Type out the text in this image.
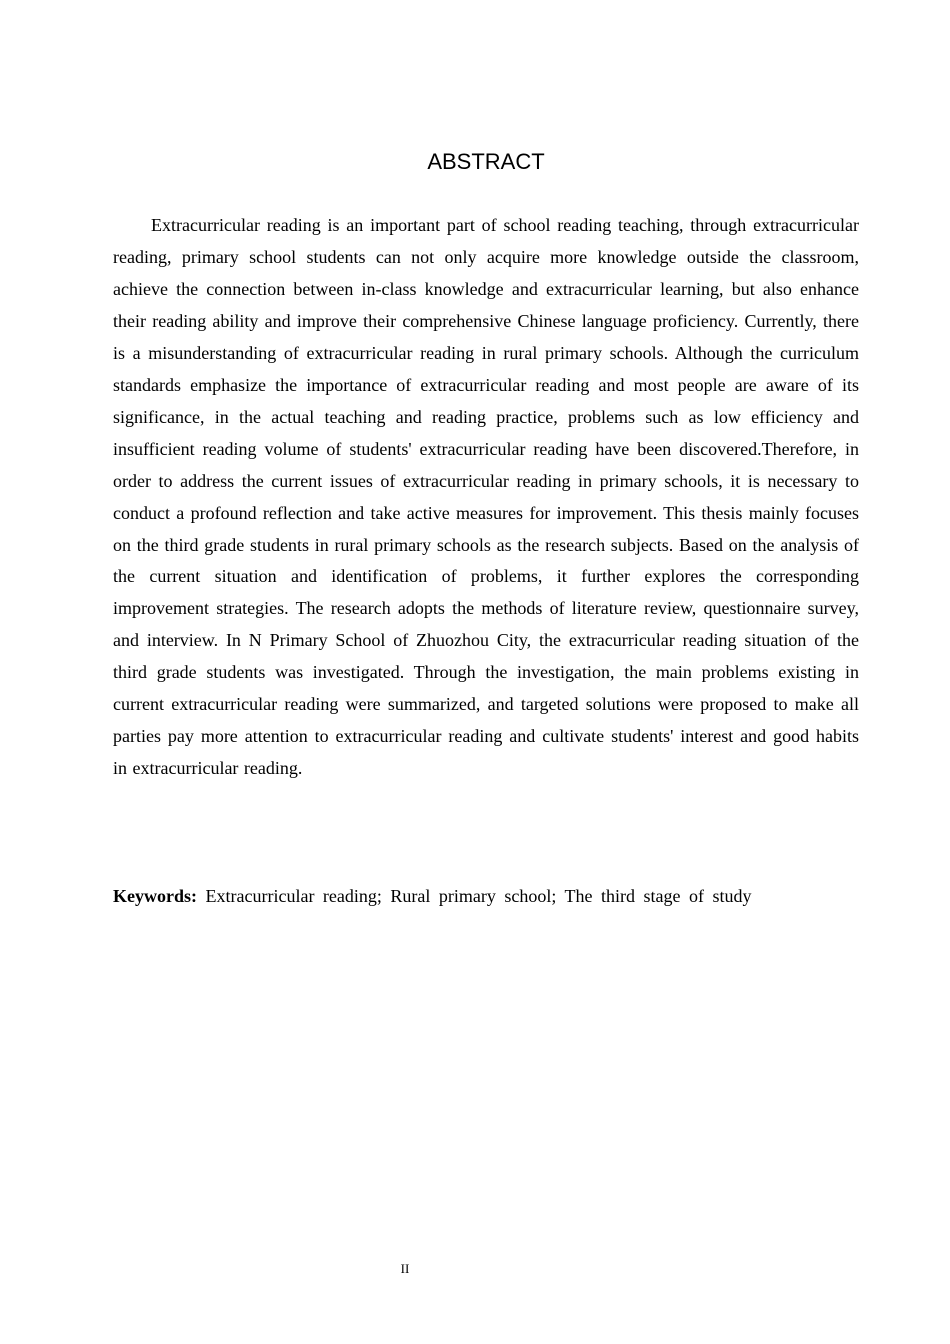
ABSTRACT

Extracurricular reading is an important part of school reading teaching, through extracurricular reading, primary school students can not only acquire more knowledge outside the classroom, achieve the connection between in-class knowledge and extracurricular learning, but also enhance their reading ability and improve their comprehensive Chinese language proficiency. Currently, there is a misunderstanding of extracurricular reading in rural primary schools. Although the curriculum standards emphasize the importance of extracurricular reading and most people are aware of its significance, in the actual teaching and reading practice, problems such as low efficiency and insufficient reading volume of students' extracurricular reading have been discovered.Therefore, in order to address the current issues of extracurricular reading in primary schools, it is necessary to conduct a profound reflection and take active measures for improvement. This thesis mainly focuses on the third grade students in rural primary schools as the research subjects. Based on the analysis of the current situation and identification of problems, it further explores the corresponding improvement strategies. The research adopts the methods of literature review, questionnaire survey, and interview. In N Primary School of Zhuozhou City, the extracurricular reading situation of the third grade students was investigated. Through the investigation, the main problems existing in current extracurricular reading were summarized, and targeted solutions were proposed to make all parties pay more attention to extracurricular reading and cultivate students' interest and good habits in extracurricular reading.

Keywords: Extracurricular reading; Rural primary school; The third stage of study

II
